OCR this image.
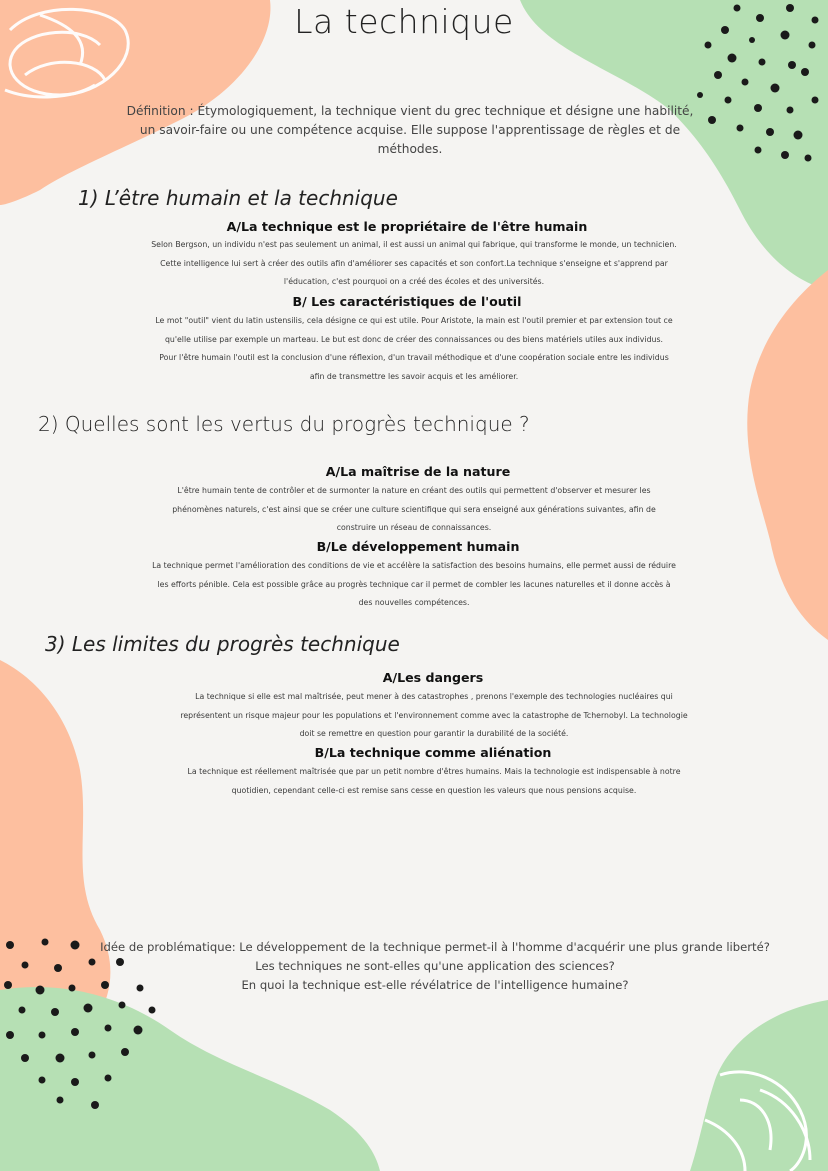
La technique
Définition : Étymologiquement, la technique vient du grec technique et désigne une habilité,
un savoir-faire ou une compétence acquise. Elle suppose l'apprentissage de règles et de
méthodes.
1) L’être humain et la technique
A/La technique est le propriétaire de l'être humain
Selon Bergson, un individu n'est pas seulement un animal, il est aussi un animal qui fabrique, qui transforme le monde, un technicien.
Cette intelligence lui sert à créer des outils afin d'améliorer ses capacités et son confort.La technique s'enseigne et s'apprend par
l'éducation, c'est pourquoi on a créé des écoles et des universités.
B/ Les caractéristiques de l'outil
Le mot "outil" vient du latin ustensilis, cela désigne ce qui est utile. Pour Aristote, la main est l'outil premier et par extension tout ce
qu'elle utilise par exemple un marteau. Le but est donc de créer des connaissances ou des biens matériels utiles aux individus.
Pour l'être humain l'outil est la conclusion d'une réflexion, d'un travail méthodique et d'une coopération sociale entre les individus
afin de transmettre les savoir acquis et les améliorer.
2) Quelles sont les vertus du progrès technique ?
A/La maîtrise de la nature
L'être humain tente de contrôler et de surmonter la nature en créant des outils qui permettent d'observer et mesurer les
phénomènes naturels, c'est ainsi que se créer une culture scientifique qui sera enseigné aux générations suivantes, afin de
construire un réseau de connaissances.
B/Le développement humain
La technique permet l'amélioration des conditions de vie et accélère la satisfaction des besoins humains, elle permet aussi de réduire
les efforts pénible. Cela est possible grâce au progrès technique car il permet de combler les lacunes naturelles et il donne accès à
des nouvelles compétences.
3) Les limites du progrès technique
A/Les dangers
La technique si elle est mal maîtrisée, peut mener à des catastrophes , prenons l'exemple des technologies nucléaires qui
représentent un risque majeur pour les populations et l'environnement comme avec la catastrophe de Tchernobyl. La technologie
doit se remettre en question pour garantir la durabilité de la société.
B/La technique comme aliénation
La technique est réellement maîtrisée que par un petit nombre d'êtres humains. Mais la technologie est indispensable à notre
quotidien, cependant celle-ci est remise sans cesse en question les valeurs que nous pensions acquise.
Idée de problématique: Le développement de la technique permet-il à l'homme d'acquérir une plus grande liberté?
Les techniques ne sont-elles qu'une application des sciences?
En quoi la technique est-elle révélatrice de l'intelligence humaine?
